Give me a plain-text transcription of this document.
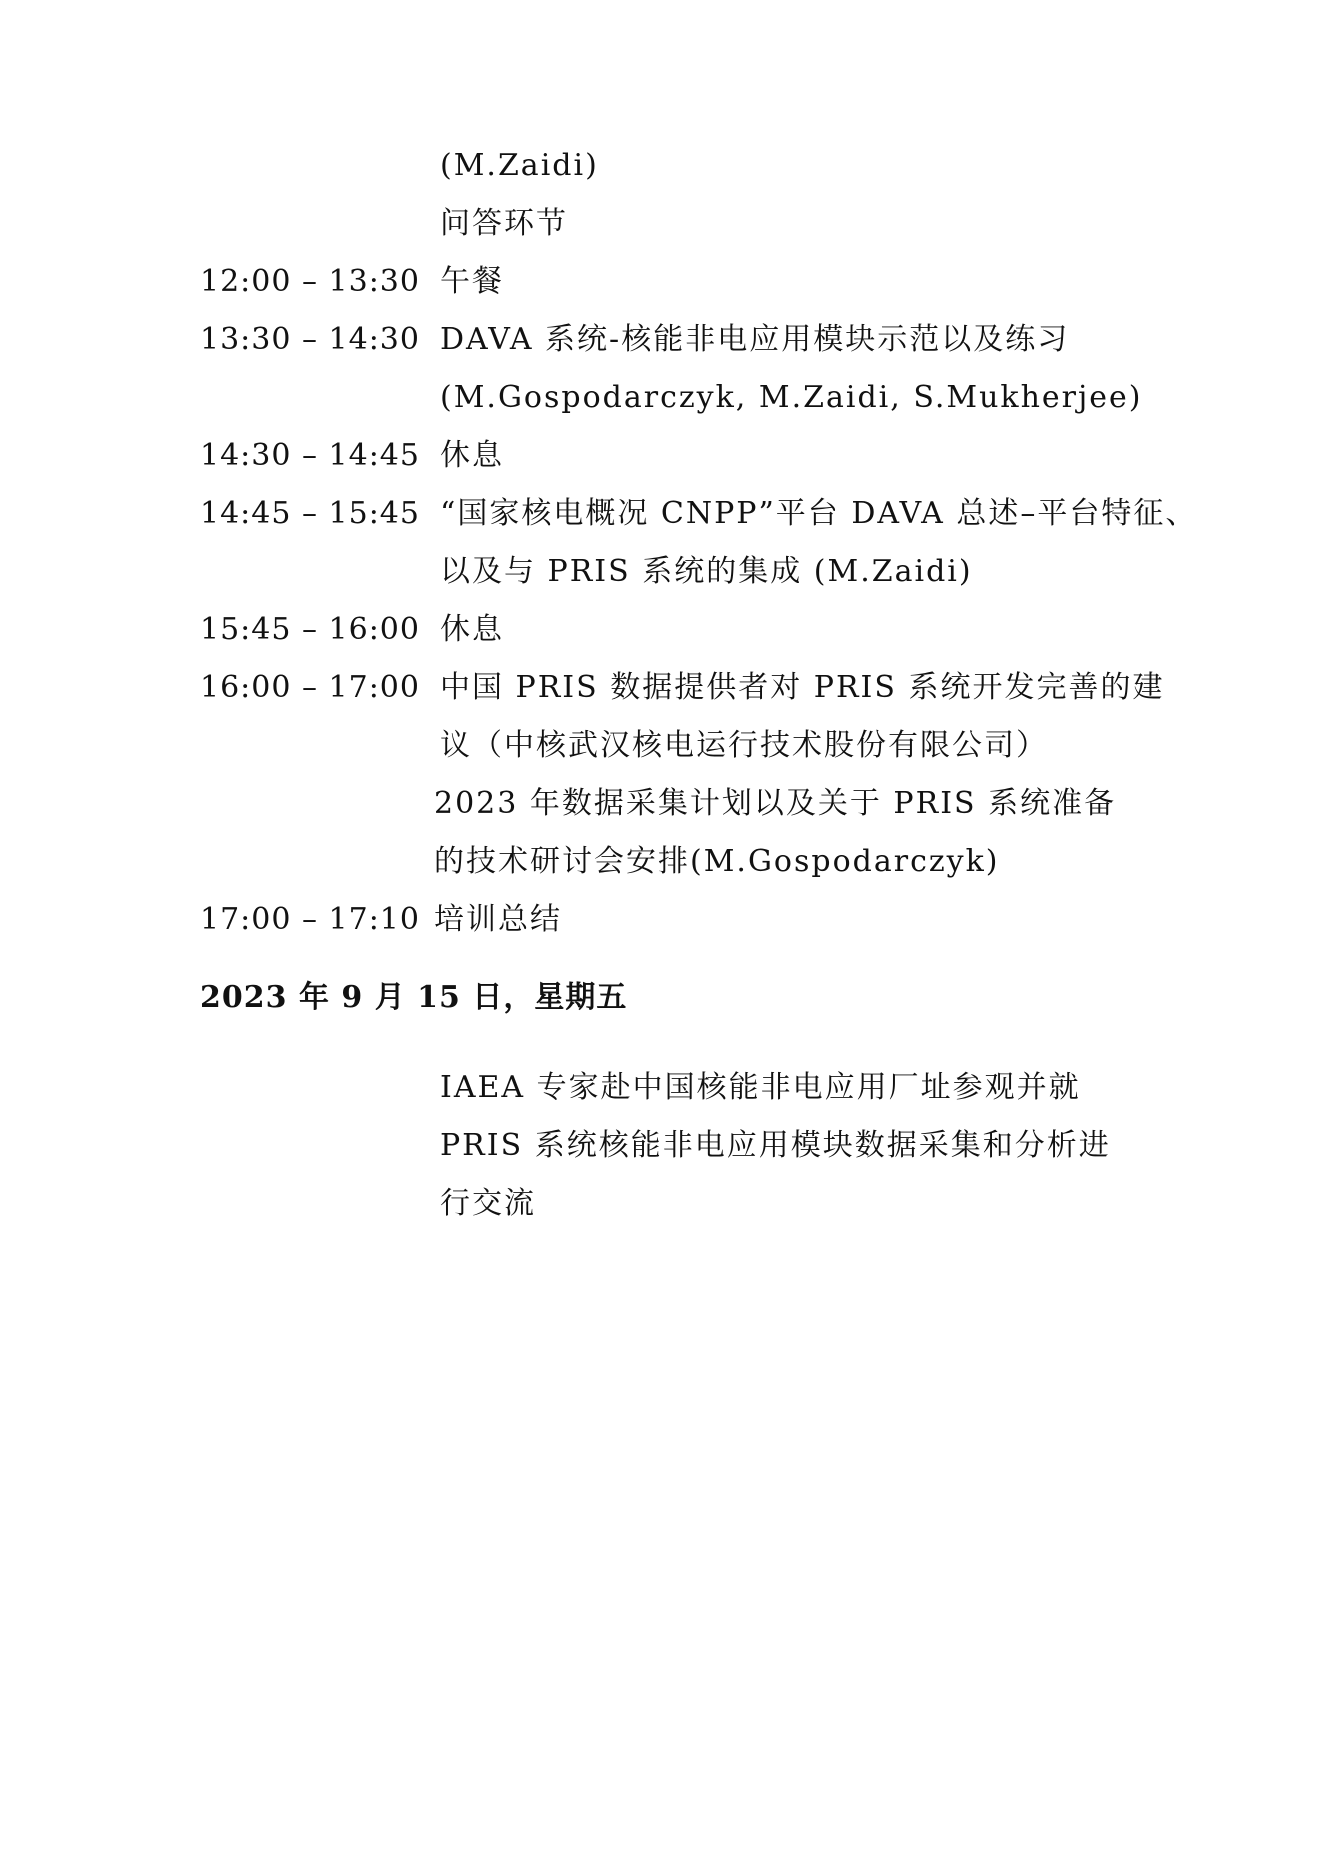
(M.Zaidi)
问答环节
12:00 – 13:30 午餐
13:30 – 14:30 DAVA 系统-核能非电应用模块示范以及练习
(M.Gospodarczyk, M.Zaidi, S.Mukherjee)
14:30 – 14:45 休息
14:45 – 15:45 “国家核电概况 CNPP”平台 DAVA 总述–平台特征、
以及与 PRIS 系统的集成 (M.Zaidi)
15:45 – 16:00 休息
16:00 – 17:00 中国 PRIS 数据提供者对 PRIS 系统开发完善的建
议（中核武汉核电运行技术股份有限公司）
2023 年数据采集计划以及关于 PRIS 系统准备
的技术研讨会安排(M.Gospodarczyk)
17:00 – 17:10 培训总结
2023 年 9 月 15 日，星期五
IAEA 专家赴中国核能非电应用厂址参观并就
PRIS 系统核能非电应用模块数据采集和分析进
行交流
